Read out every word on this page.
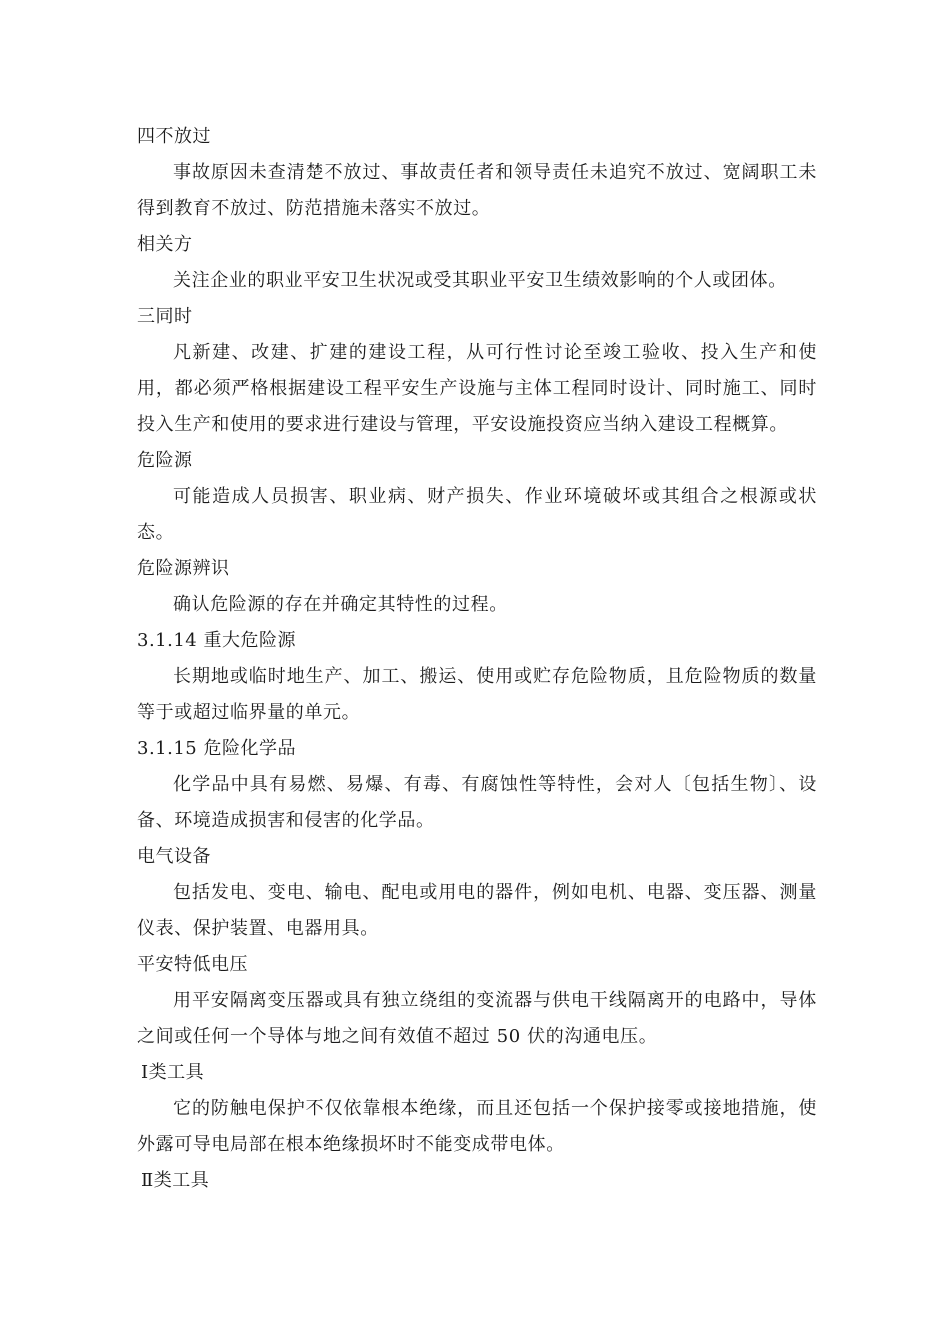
四不放过

事故原因未查清楚不放过、事故责任者和领导责任未追究不放过、宽阔职工未得到教育不放过、防范措施未落实不放过。

相关方

关注企业的职业平安卫生状况或受其职业平安卫生绩效影响的个人或团体。

三同时

凡新建、改建、扩建的建设工程，从可行性讨论至竣工验收、投入生产和使用，都必须严格根据建设工程平安生产设施与主体工程同时设计、同时施工、同时投入生产和使用的要求进行建设与管理，平安设施投资应当纳入建设工程概算。

危险源

可能造成人员损害、职业病、财产损失、作业环境破坏或其组合之根源或状态。

危险源辨识

确认危险源的存在并确定其特性的过程。

3.1.14 重大危险源

长期地或临时地生产、加工、搬运、使用或贮存危险物质，且危险物质的数量等于或超过临界量的单元。

3.1.15 危险化学品

化学品中具有易燃、易爆、有毒、有腐蚀性等特性，会对人〔包括生物〕、设备、环境造成损害和侵害的化学品。

电气设备

包括发电、变电、输电、配电或用电的器件，例如电机、电器、变压器、测量仪表、保护装置、电器用具。

平安特低电压

用平安隔离变压器或具有独立绕组的变流器与供电干线隔离开的电路中，导体之间或任何一个导体与地之间有效值不超过 50 伏的沟通电压。

Ⅰ类工具

它的防触电保护不仅依靠根本绝缘，而且还包括一个保护接零或接地措施，使外露可导电局部在根本绝缘损坏时不能变成带电体。

Ⅱ类工具
